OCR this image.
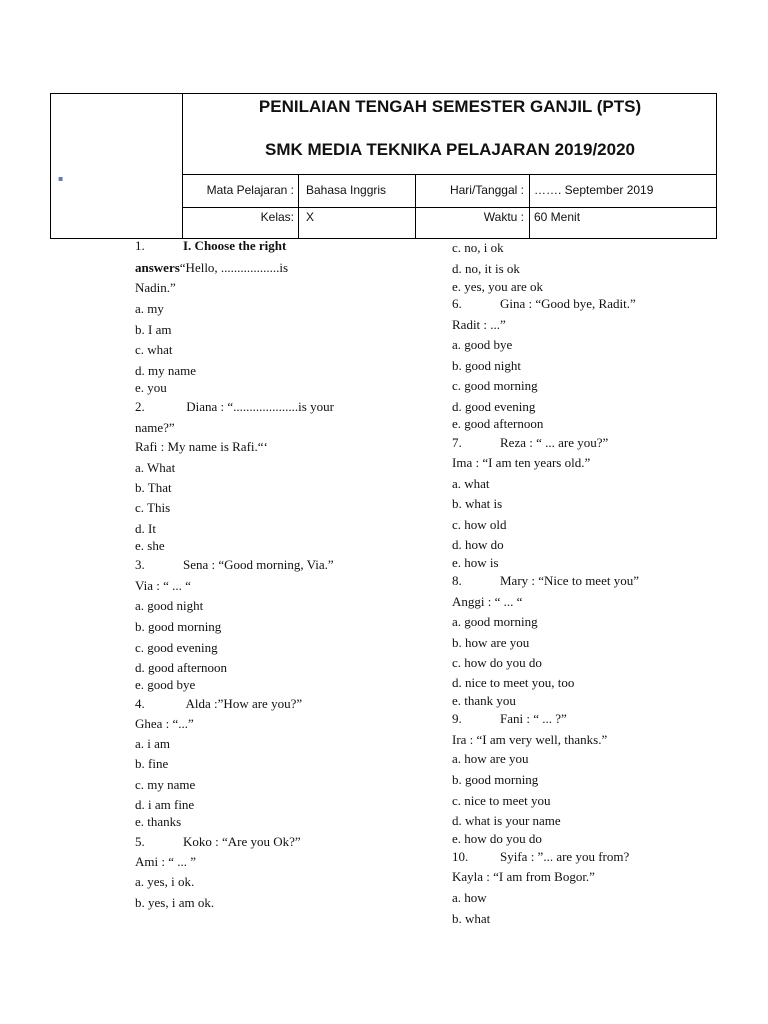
▪
PENILAIAN TENGAH SEMESTER GANJIL (PTS)
SMK MEDIA TEKNIKA PELAJARAN 2019/2020
Mata Pelajaran : Bahasa Inggris	Hari/Tanggal : ……. September 2019
Kelas: X	Waktu : 60 Menit
1.	I. Choose the right
answers“Hello, ..................is
Nadin.”
a. my
b. I am
c. what
d. my name
e. you
2.	Diana : “....................is your
name?”
Rafi : My name is Rafi.“‘
a. What
b. That
c. This
d. It
e. she
3.	Sena : “Good morning, Via.”
Via : “ ... “
a. good night
b. good morning
c. good evening
d. good afternoon
e. good bye
4.	Alda :”How are you?”
Ghea : “...”
a. i am
b. fine
c. my name
d. i am fine
e. thanks
5.	Koko : “Are you Ok?”
Ami : “ ... ”
a. yes, i ok.
b. yes, i am ok.
c. no, i ok
d. no, it is ok
e. yes, you are ok
6.	Gina : “Good bye, Radit.”
Radit : ...”
a. good bye
b. good night
c. good morning
d. good evening
e. good afternoon
7.	Reza : “ ... are you?”
Ima : “I am ten years old.”
a. what
b. what is
c. how old
d. how do
e. how is
8.	Mary : “Nice to meet you”
Anggi : “ ... “
a. good morning
b. how are you
c. how do you do
d. nice to meet you, too
e. thank you
9.	Fani : “ ... ?”
Ira : “I am very well, thanks.”
a. how are you
b. good morning
c. nice to meet you
d. what is your name
e. how do you do
10. Syifa : ”... are you from?
Kayla : “I am from Bogor.”
a. how
b. what
